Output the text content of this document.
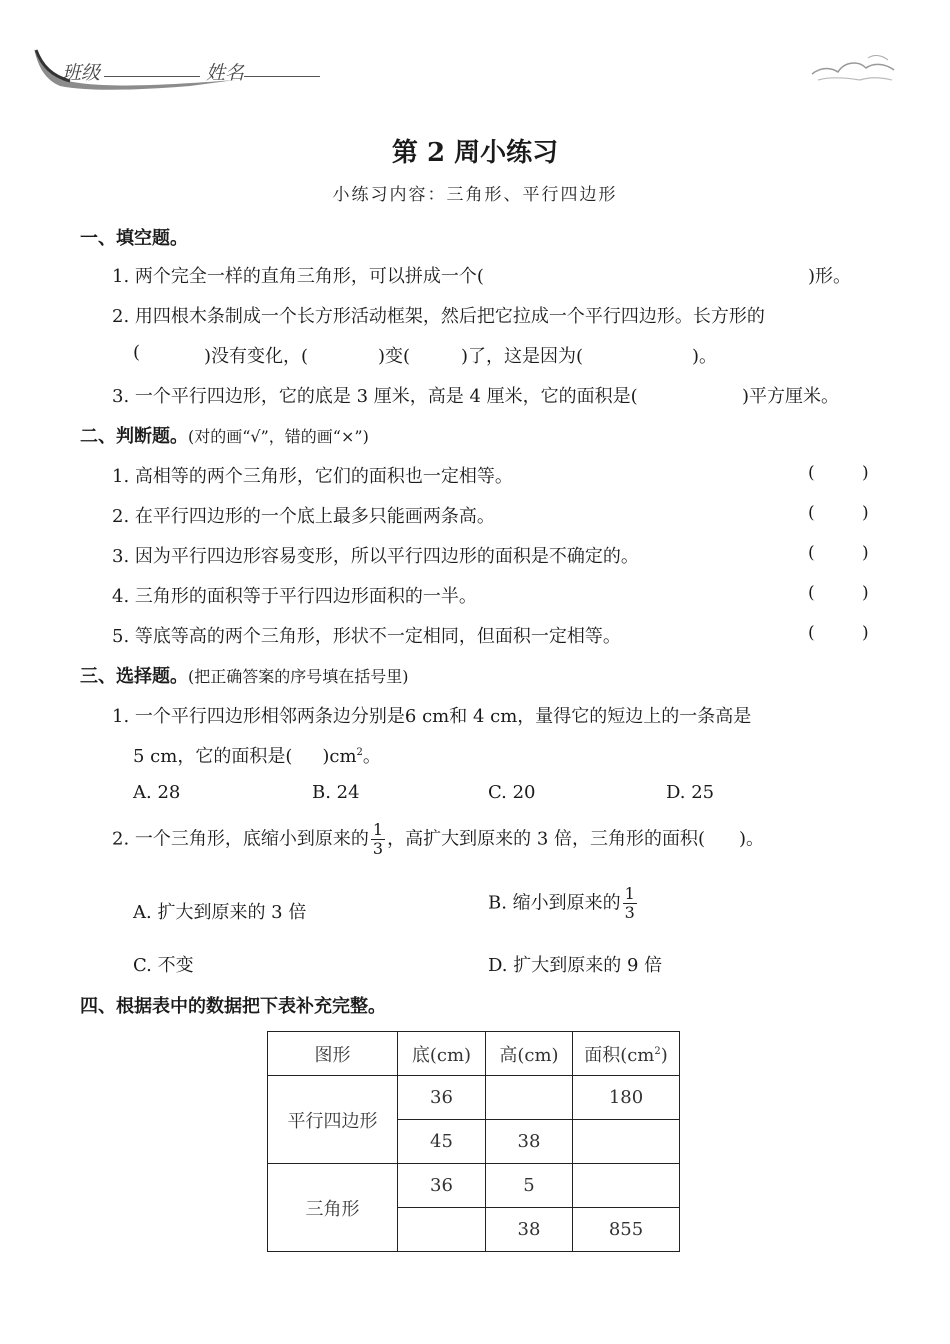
班级	姓名
第 2 周小练习
小练习内容：三角形、平行四边形
一、填空题。
1. 两个完全一样的直角三角形，可以拼成一个(	)形。
2. 用四根木条制成一个长方形活动框架，然后把它拉成一个平行四边形。长方形的
(	)没有变化，(	)变(	)了，这是因为(	)。
3. 一个平行四边形，它的底是 3 厘米，高是 4 厘米，它的面积是(	)平方厘米。
二、判断题。(对的画“√”，错的画“×”)
1. 高相等的两个三角形，它们的面积也一定相等。
2. 在平行四边形的一个底上最多只能画两条高。
3. 因为平行四边形容易变形，所以平行四边形的面积是不确定的。
4. 三角形的面积等于平行四边形面积的一半。
5. 等底等高的两个三角形，形状不一定相同，但面积一定相等。
(	)
(	)
(	)
(	)
(	)
三、选择题。(把正确答案的序号填在括号里)
1. 一个平行四边形相邻两条边分别是6 cm和 4 cm，量得它的短边上的一条高是
5 cm，它的面积是( )$cm^2$。
A. 28	B. 24	C. 20	D. 25
2. 一个三角形，底缩小到原来的 $\frac{1}{3}$ ，高扩大到原来的 3 倍，三角形的面积( )。
A. 扩大到原来的 3 倍	B. 缩小到原来的 $\frac{1}{3}$
C. 不变	D. 扩大到原来的 9 倍
四、根据表中的数据把下表补充完整。
图形	底(cm)	高(cm)	面积$(cm^2)$
平行四边形	36		180
	45	38	
三角形	36	5	
		38	855
